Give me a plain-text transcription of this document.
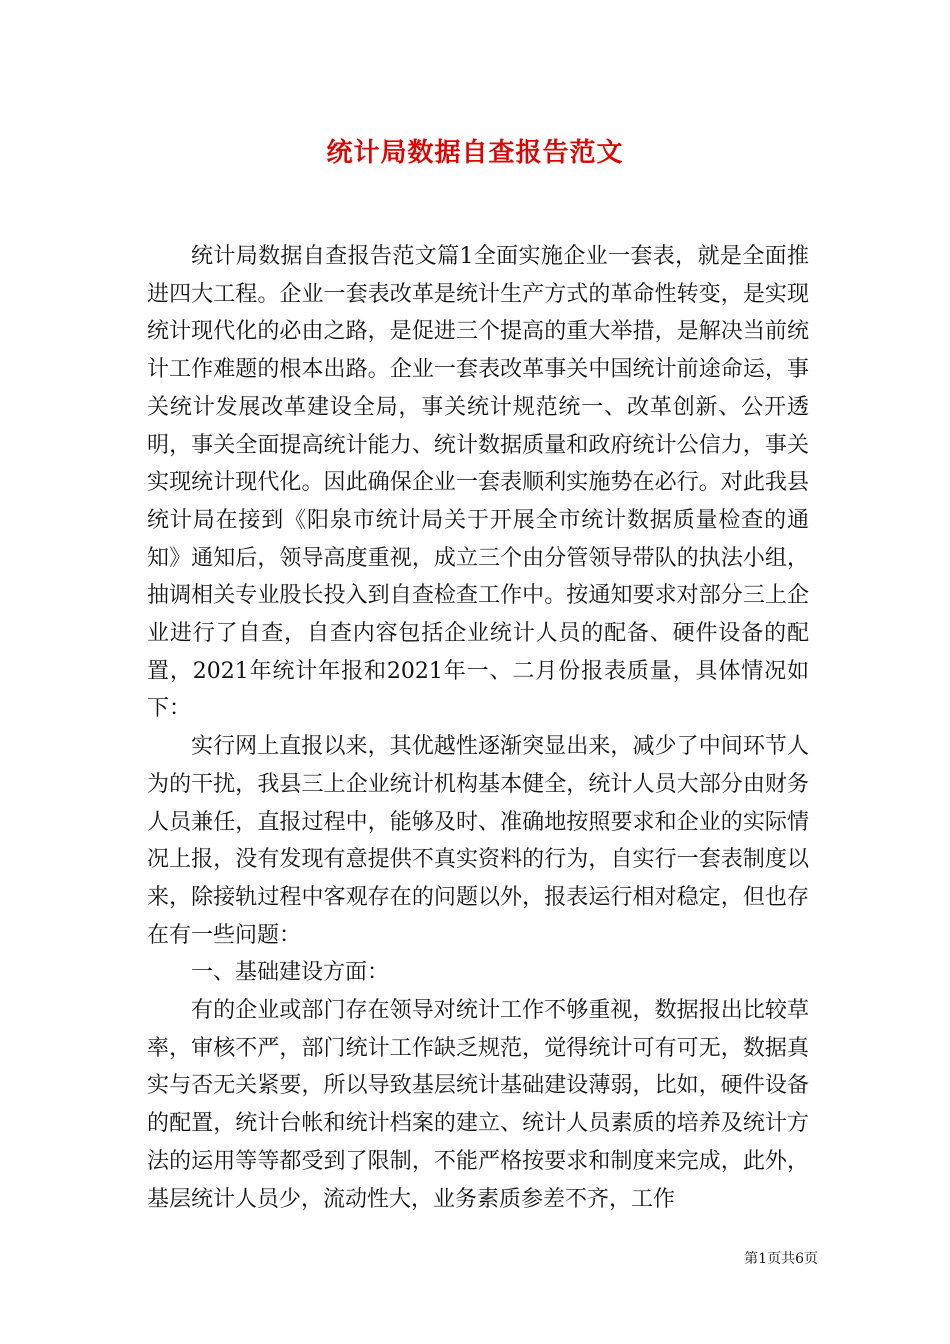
统计局数据自查报告范文

统计局数据自查报告范文篇1全面实施企业一套表，就是全面推进四大工程。企业一套表改革是统计生产方式的革命性转变，是实现统计现代化的必由之路，是促进三个提高的重大举措，是解决当前统计工作难题的根本出路。企业一套表改革事关中国统计前途命运，事关统计发展改革建设全局，事关统计规范统一、改革创新、公开透明，事关全面提高统计能力、统计数据质量和政府统计公信力，事关实现统计现代化。因此确保企业一套表顺利实施势在必行。对此我县统计局在接到《阳泉市统计局关于开展全市统计数据质量检查的通知》通知后，领导高度重视，成立三个由分管领导带队的执法小组，抽调相关专业股长投入到自查检查工作中。按通知要求对部分三上企业进行了自查，自查内容包括企业统计人员的配备、硬件设备的配置，2021年统计年报和2021年一、二月份报表质量，具体情况如下：

实行网上直报以来，其优越性逐渐突显出来，减少了中间环节人为的干扰，我县三上企业统计机构基本健全，统计人员大部分由财务人员兼任，直报过程中，能够及时、准确地按照要求和企业的实际情况上报，没有发现有意提供不真实资料的行为，自实行一套表制度以来，除接轨过程中客观存在的问题以外，报表运行相对稳定，但也存在有一些问题：

一、基础建设方面：

有的企业或部门存在领导对统计工作不够重视，数据报出比较草率，审核不严，部门统计工作缺乏规范，觉得统计可有可无，数据真实与否无关紧要，所以导致基层统计基础建设薄弱，比如，硬件设备的配置，统计台帐和统计档案的建立、统计人员素质的培养及统计方法的运用等等都受到了限制，不能严格按要求和制度来完成，此外，基层统计人员少，流动性大，业务素质参差不齐，工作

第1页共6页
